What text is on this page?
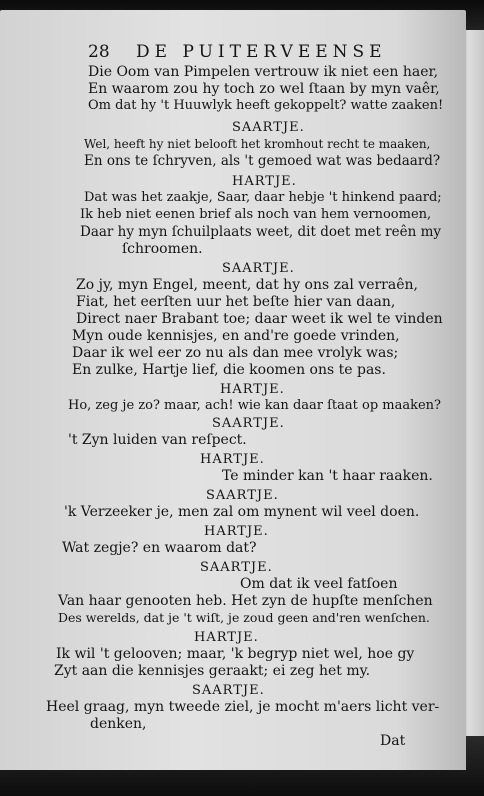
28 DE PUITERVEENSE
Die Oom van Pimpelen vertrouw ik niet een haer,
En waarom zou hy toch zo wel ſtaan by myn vaêr,
Om dat hy 't Huuwlyk heeft gekoppelt? watte zaaken!
SAARTJE.
Wel, heeft hy niet belooft het kromhout recht te maaken,
En ons te ſchryven, als 't gemoed wat was bedaard?
HARTJE.
Dat was het zaakje, Saar, daar hebje 't hinkend paard;
Ik heb niet eenen brief als noch van hem vernoomen,
Daar hy myn ſchuilplaats weet, dit doet met reên my
ſchroomen.
SAARTJE.
Zo jy, myn Engel, meent, dat hy ons zal verraên,
Fiat, het eerſten uur het beſte hier van daan,
Direct naer Brabant toe; daar weet ik wel te vinden
Myn oude kennisjes, en and're goede vrinden,
Daar ik wel eer zo nu als dan mee vrolyk was;
En zulke, Hartje lief, die koomen ons te pas.
HARTJE.
Ho, zeg je zo? maar, ach! wie kan daar ſtaat op maaken?
SAARTJE.
't Zyn luiden van reſpect.
HARTJE.
Te minder kan 't haar raaken.
SAARTJE.
'k Verzeeker je, men zal om mynent wil veel doen.
HARTJE.
Wat zegje? en waarom dat?
SAARTJE.
Om dat ik veel fatſoen
Van haar genooten heb. Het zyn de hupſte menſchen
Des werelds, dat je 't wiſt, je zoud geen and'ren wenſchen.
HARTJE.
Ik wil 't gelooven; maar, 'k begryp niet wel, hoe gy
Zyt aan die kennisjes geraakt; ei zeg het my.
SAARTJE.
Heel graag, myn tweede ziel, je mocht m'aers licht ver-
denken,
Dat
